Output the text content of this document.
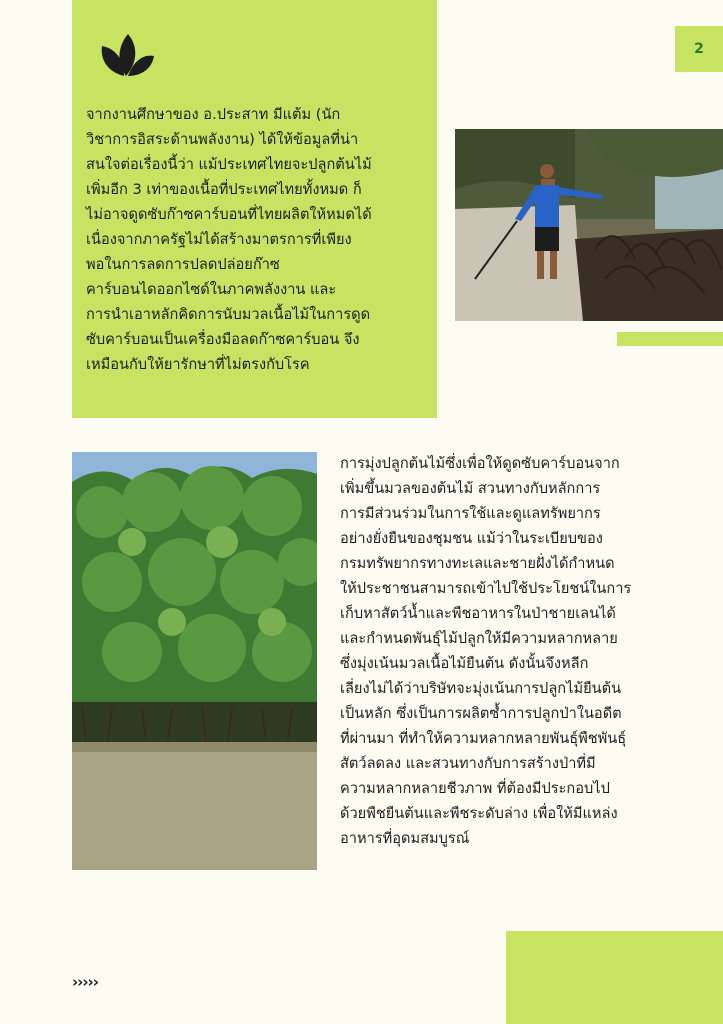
2
จากงานศึกษาของ อ.ประสาท มีแต้ม (นัก
วิชาการอิสระด้านพลังงาน) ได้ให้ข้อมูลที่น่า
สนใจต่อเรื่องนี้ว่า แม้ประเทศไทยจะปลูกต้นไม้
เพิ่มอีก 3 เท่าของเนื้อที่ประเทศไทยทั้งหมด ก็
ไม่อาจดูดซับก๊าซคาร์บอนที่ไทยผลิตให้หมดได้
เนื่องจากภาครัฐไม่ได้สร้างมาตรการที่เพียง
พอในการลดการปลดปล่อยก๊าซ
คาร์บอนไดออกไซด์ในภาคพลังงาน และ
การนำเอาหลักคิดการนับมวลเนื้อไม้ในการดูด
ซับคาร์บอนเป็นเครื่องมือลดก๊าซคาร์บอน จึง
เหมือนกับให้ยารักษาที่ไม่ตรงกับโรค
การมุ่งปลูกต้นไม้ซึ่งเพื่อให้ดูดซับคาร์บอนจาก
เพิ่มขึ้นมวลของต้นไม้ สวนทางกับหลักการ
การมีส่วนร่วมในการใช้และดูแลทรัพยากร
อย่างยั่งยืนของชุมชน แม้ว่าในระเบียบของ
กรมทรัพยากรทางทะเลและชายฝั่งได้กำหนด
ให้ประชาชนสามารถเข้าไปใช้ประโยชน์ในการ
เก็บหาสัตว์น้ำและพืชอาหารในป่าชายเลนได้
และกำหนดพันธุ์ไม้ปลูกให้มีความหลากหลาย
ซึ่งมุ่งเน้นมวลเนื้อไม้ยืนต้น ดังนั้นจึงหลีก
เลี่ยงไม่ได้ว่าบริษัทจะมุ่งเน้นการปลูกไม้ยืนต้น
เป็นหลัก ซึ่งเป็นการผลิตซ้ำการปลูกป่าในอดีต
ที่ผ่านมา ที่ทำให้ความหลากหลายพันธุ์พืชพันธุ์
สัตว์ลดลง และสวนทางกับการสร้างป่าที่มี
ความหลากหลายชีวภาพ ที่ต้องมีประกอบไป
ด้วยพืชยืนต้นและพืชระดับล่าง เพื่อให้มีแหล่ง
อาหารที่อุดมสมบูรณ์
›››››
